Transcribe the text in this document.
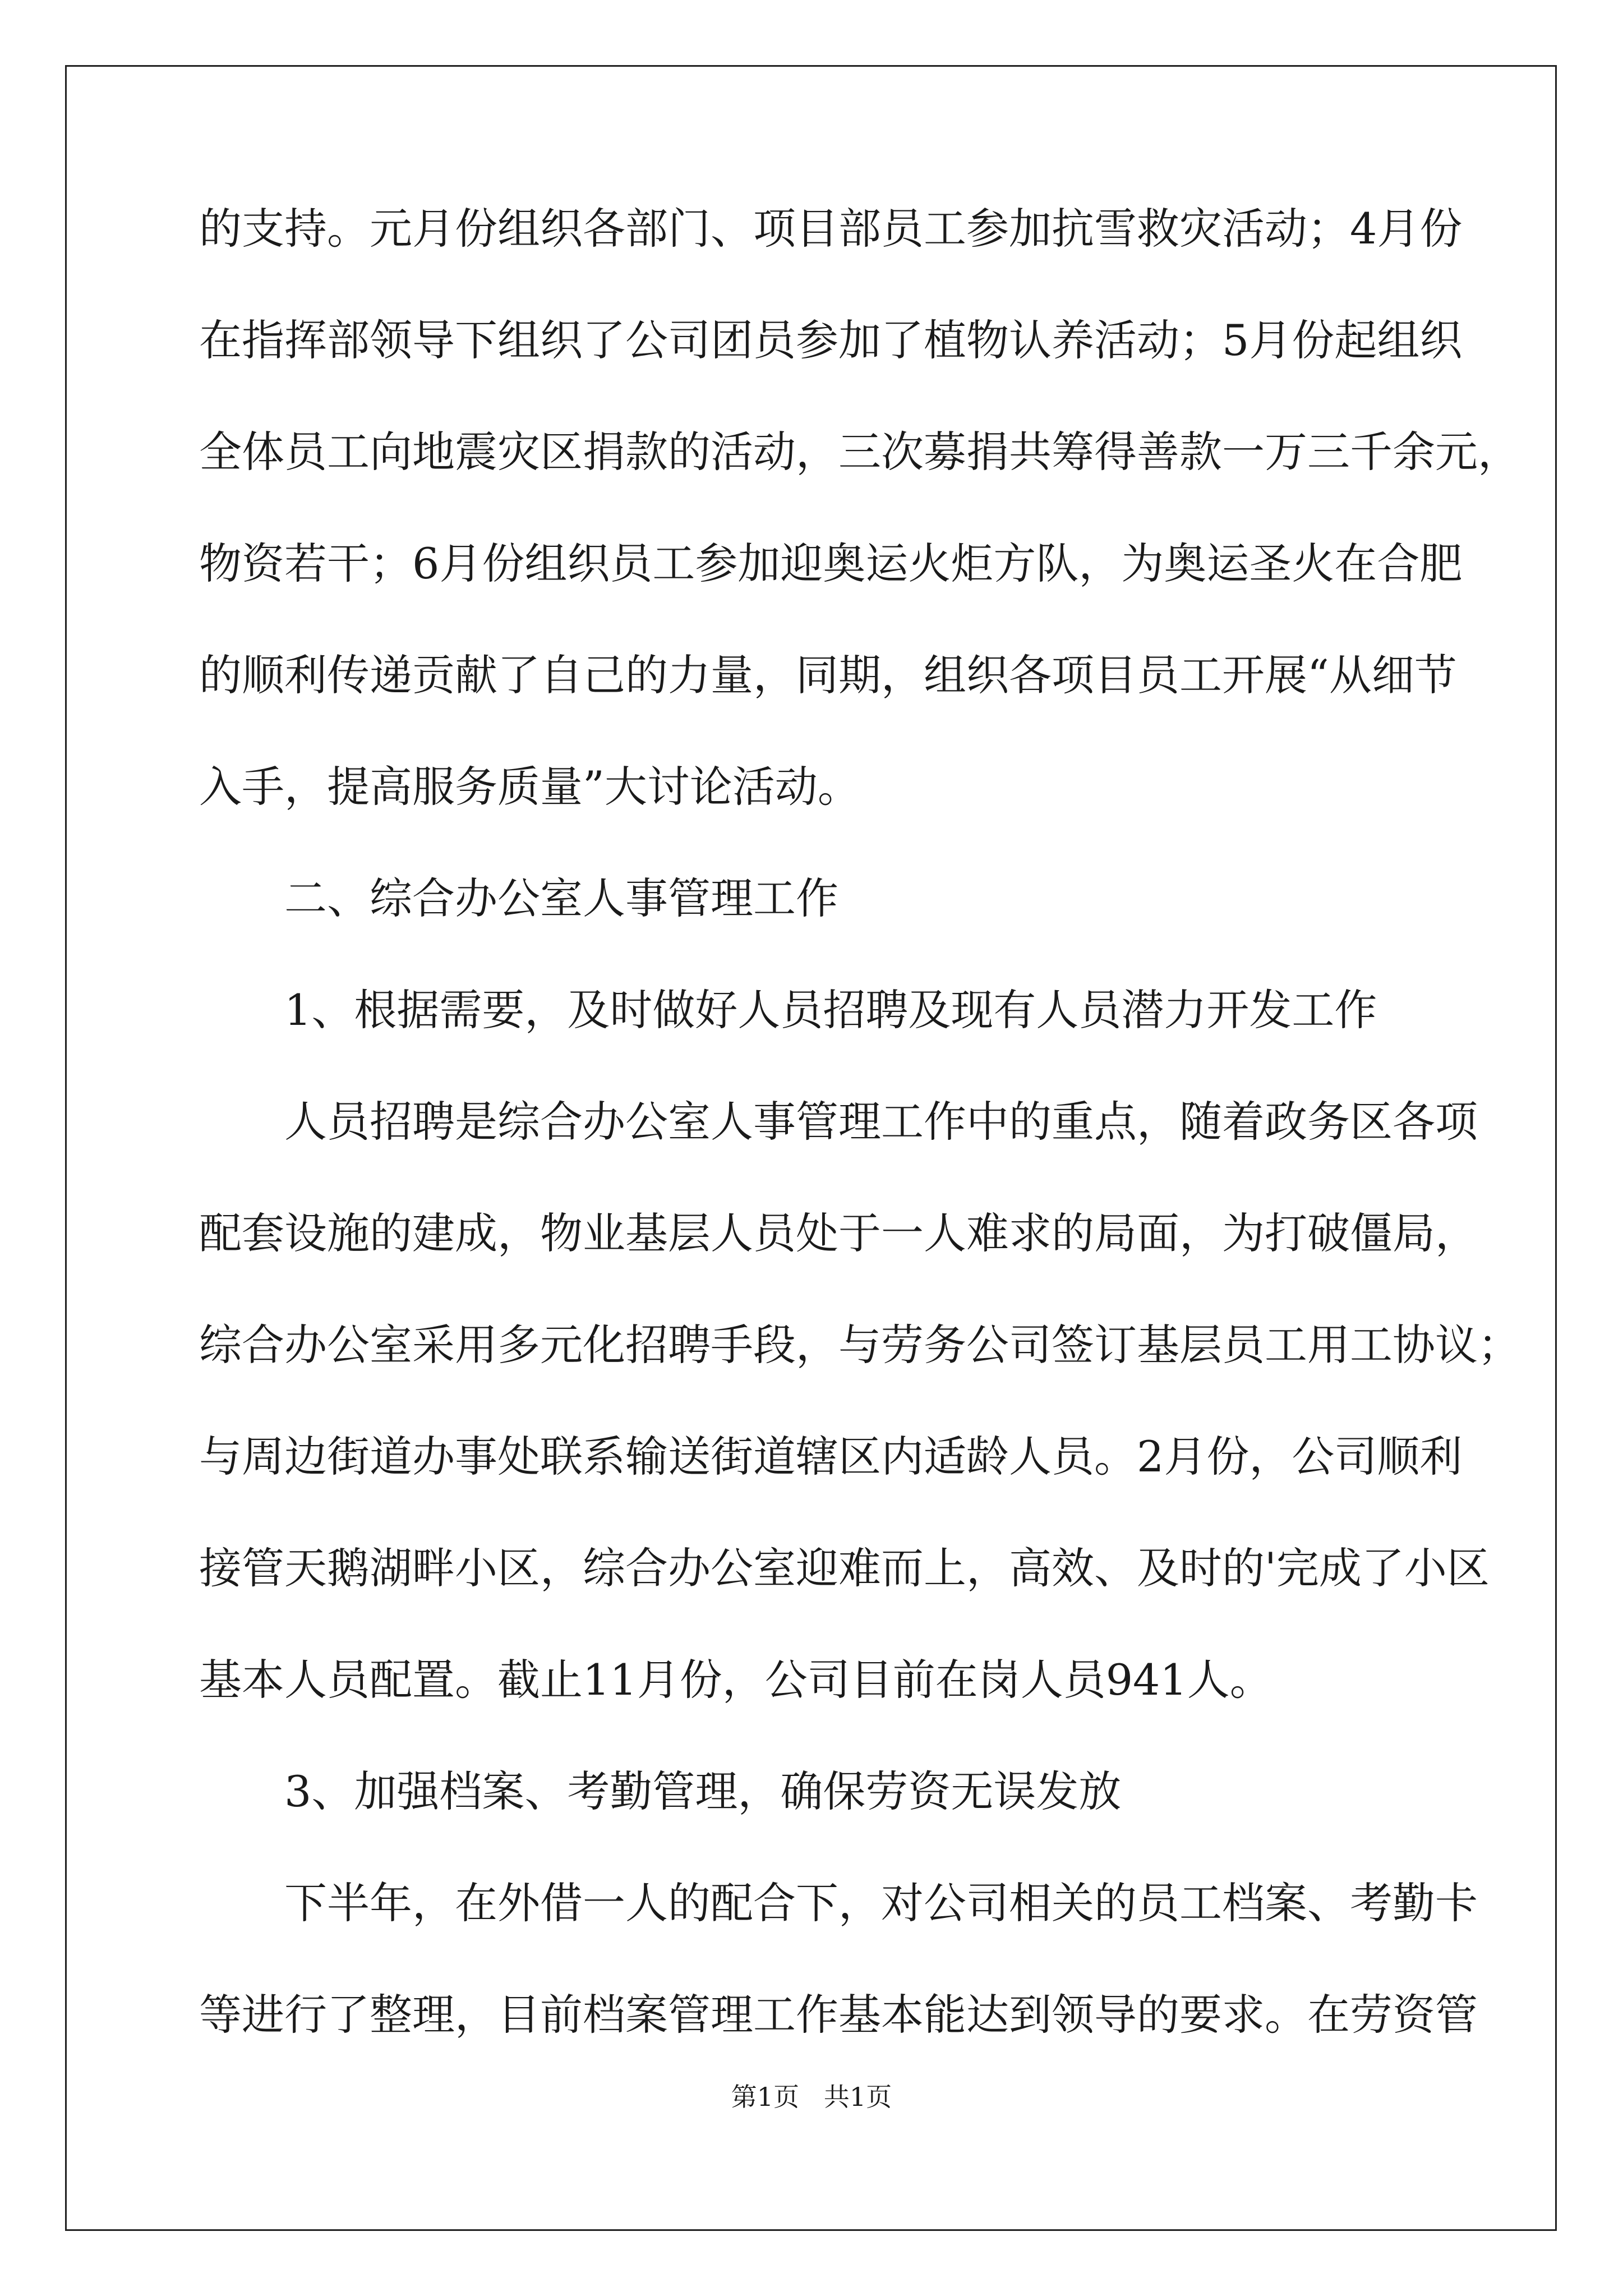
的支持。元月份组织各部门、项目部员工参加抗雪救灾活动；4月份
在指挥部领导下组织了公司团员参加了植物认养活动；5月份起组织
全体员工向地震灾区捐款的活动，三次募捐共筹得善款一万三千余元，
物资若干；6月份组织员工参加迎奥运火炬方队，为奥运圣火在合肥
的顺利传递贡献了自己的力量，同期，组织各项目员工开展“从细节
入手，提高服务质量”大讨论活动。
二、综合办公室人事管理工作
1、根据需要，及时做好人员招聘及现有人员潜力开发工作
人员招聘是综合办公室人事管理工作中的重点，随着政务区各项
配套设施的建成，物业基层人员处于一人难求的局面，为打破僵局，
综合办公室采用多元化招聘手段，与劳务公司签订基层员工用工协议；
与周边街道办事处联系输送街道辖区内适龄人员。2月份，公司顺利
接管天鹅湖畔小区，综合办公室迎难而上，高效、及时的'完成了小区
基本人员配置。截止11月份，公司目前在岗人员941人。
3、加强档案、考勤管理，确保劳资无误发放
下半年，在外借一人的配合下，对公司相关的员工档案、考勤卡
等进行了整理，目前档案管理工作基本能达到领导的要求。在劳资管
第1页   共1页
